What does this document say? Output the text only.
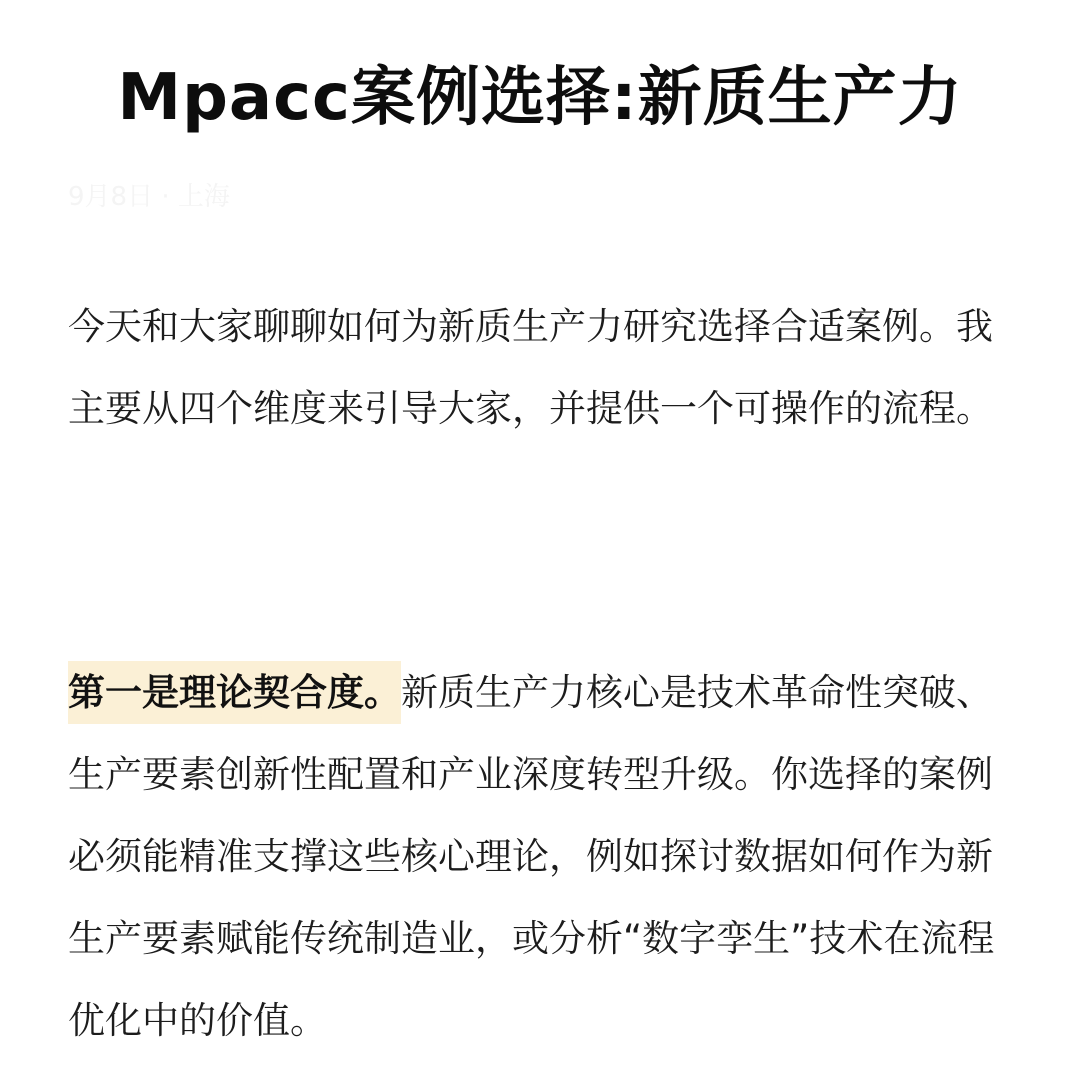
Mpacc案例选择:新质生产力
9月8日 · 上海
今天和大家聊聊如何为新质生产力研究选择合适案例。我主要从四个维度来引导大家，并提供一个可操作的流程。
第一是理论契合度。新质生产力核心是技术革命性突破、生产要素创新性配置和产业深度转型升级。你选择的案例必须能精准支撑这些核心理论，例如探讨数据如何作为新生产要素赋能传统制造业，或分析“数字孪生”技术在流程优化中的价值。
